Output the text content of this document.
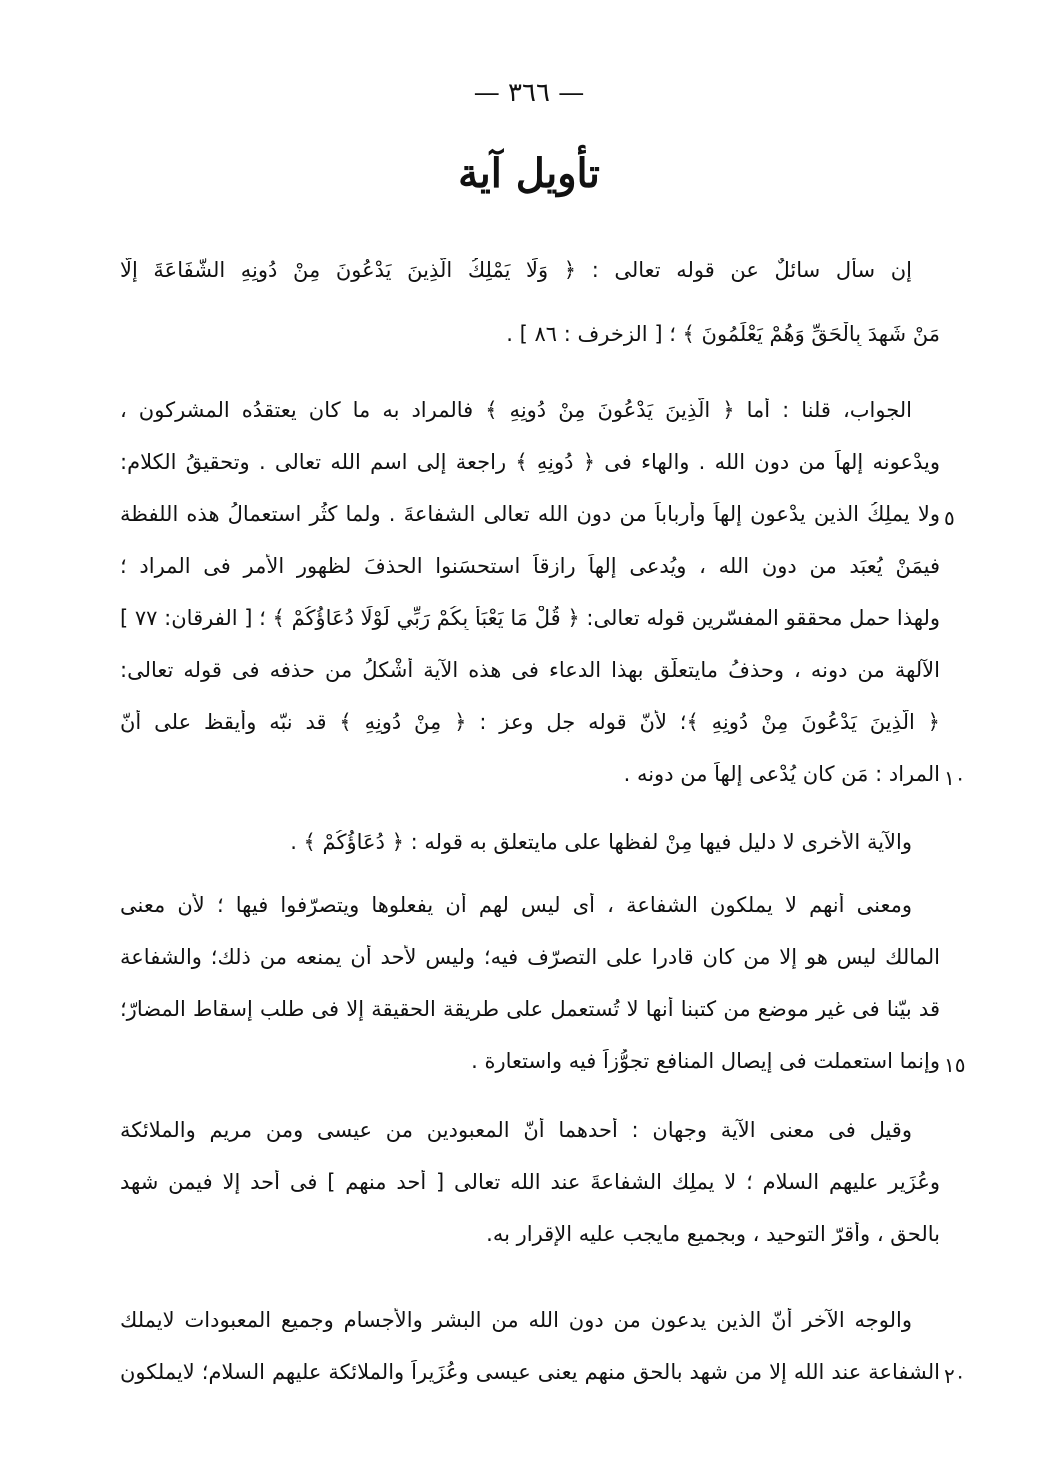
— ٣٦٦ —
تأويل آية
إن سأل سائلٌ عن قوله تعالى : ﴿ وَلَا يَمْلِكُ الَّذِينَ يَدْعُونَ مِنْ دُونِهِ الشَّفَاعَةَ إِلَّا
مَنْ شَهِدَ بِالْحَقِّ وَهُمْ يَعْلَمُونَ ﴾ ؛ [ الزخرف : ٨٦ ] .
الجواب، قلنا : أما ﴿ الَّذِينَ يَدْعُونَ مِنْ دُونِهِ ﴾ فالمراد به ما كان يعتقدُه المشركون ،
ويدْعونه إلهاً من دون الله . والهاء فى ﴿ دُونِهِ ﴾ راجعة إلى اسم الله تعالى . وتحقيقُ الكلام:
ولا يملِكُ الذين يدْعون إلهاً وأرباباً من دون الله تعالى الشفاعةَ . ولما كثُر استعمالُ هذه اللفظة
فيمَنْ يُعبَد من دون الله ، ويُدعى إلهاً رازقاً استحسَنوا الحذفَ لظهور الأمر فى المراد ؛
ولهذا حمل محققو المفسّرين قوله تعالى: ﴿ قُلْ مَا يَعْبَأُ بِكُمْ رَبِّي لَوْلَا دُعَاؤُكُمْ ﴾ ؛ [ الفرقان: ٧٧ ]
الآلهة من دونه ، وحذفُ مايتعلّق بهذا الدعاء فى هذه الآية أشْكلُ من حذفه فى قوله تعالى:
﴿ الَّذِينَ يَدْعُونَ مِنْ دُونِهِ ﴾؛ لأنّ قوله جل وعز : ﴿ مِنْ دُونِهِ ﴾ قد نبّه وأيقظ على أنّ
المراد : مَن كان يُدْعى إلهاً من دونه .
والآية الأخرى لا دليل فيها مِنْ لفظها على مايتعلق به قوله : ﴿ دُعَاؤُكُمْ ﴾ .
ومعنى أنهم لا يملكون الشفاعة ، أى ليس لهم أن يفعلوها ويتصرّفوا فيها ؛ لأن معنى
المالك ليس هو إلا من كان قادرا على التصرّف فيه؛ وليس لأحد أن يمنعه من ذلك؛ والشفاعة
قد بيّنا فى غير موضع من كتبنا أنها لا تُستعمل على طريقة الحقيقة إلا فى طلب إسقاط المضارّ؛
وإنما استعملت فى إيصال المنافع تجوُّزاً فيه واستعارة .
وقيل فى معنى الآية وجهان : أحدهما أنّ المعبودين من عيسى ومن مريم والملائكة
وعُزَيرٍ عليهم السلام ؛ لا يملِك الشفاعةَ عند الله تعالى [ أحد منهم ] فى أحد إلا فيمن شهد
بالحق ، وأقرّ التوحيد ، وبجميع مايجب عليه الإقرار به.
والوجه الآخر أنّ الذين يدعون من دون الله من البشر والأجسام وجميع المعبودات لايملك
الشفاعة عند الله إلا من شهد بالحق منهم يعنى عيسى وعُزَيراً والملائكة عليهم السلام؛ لايملكون
٥
١٠
١٥
٢٠
